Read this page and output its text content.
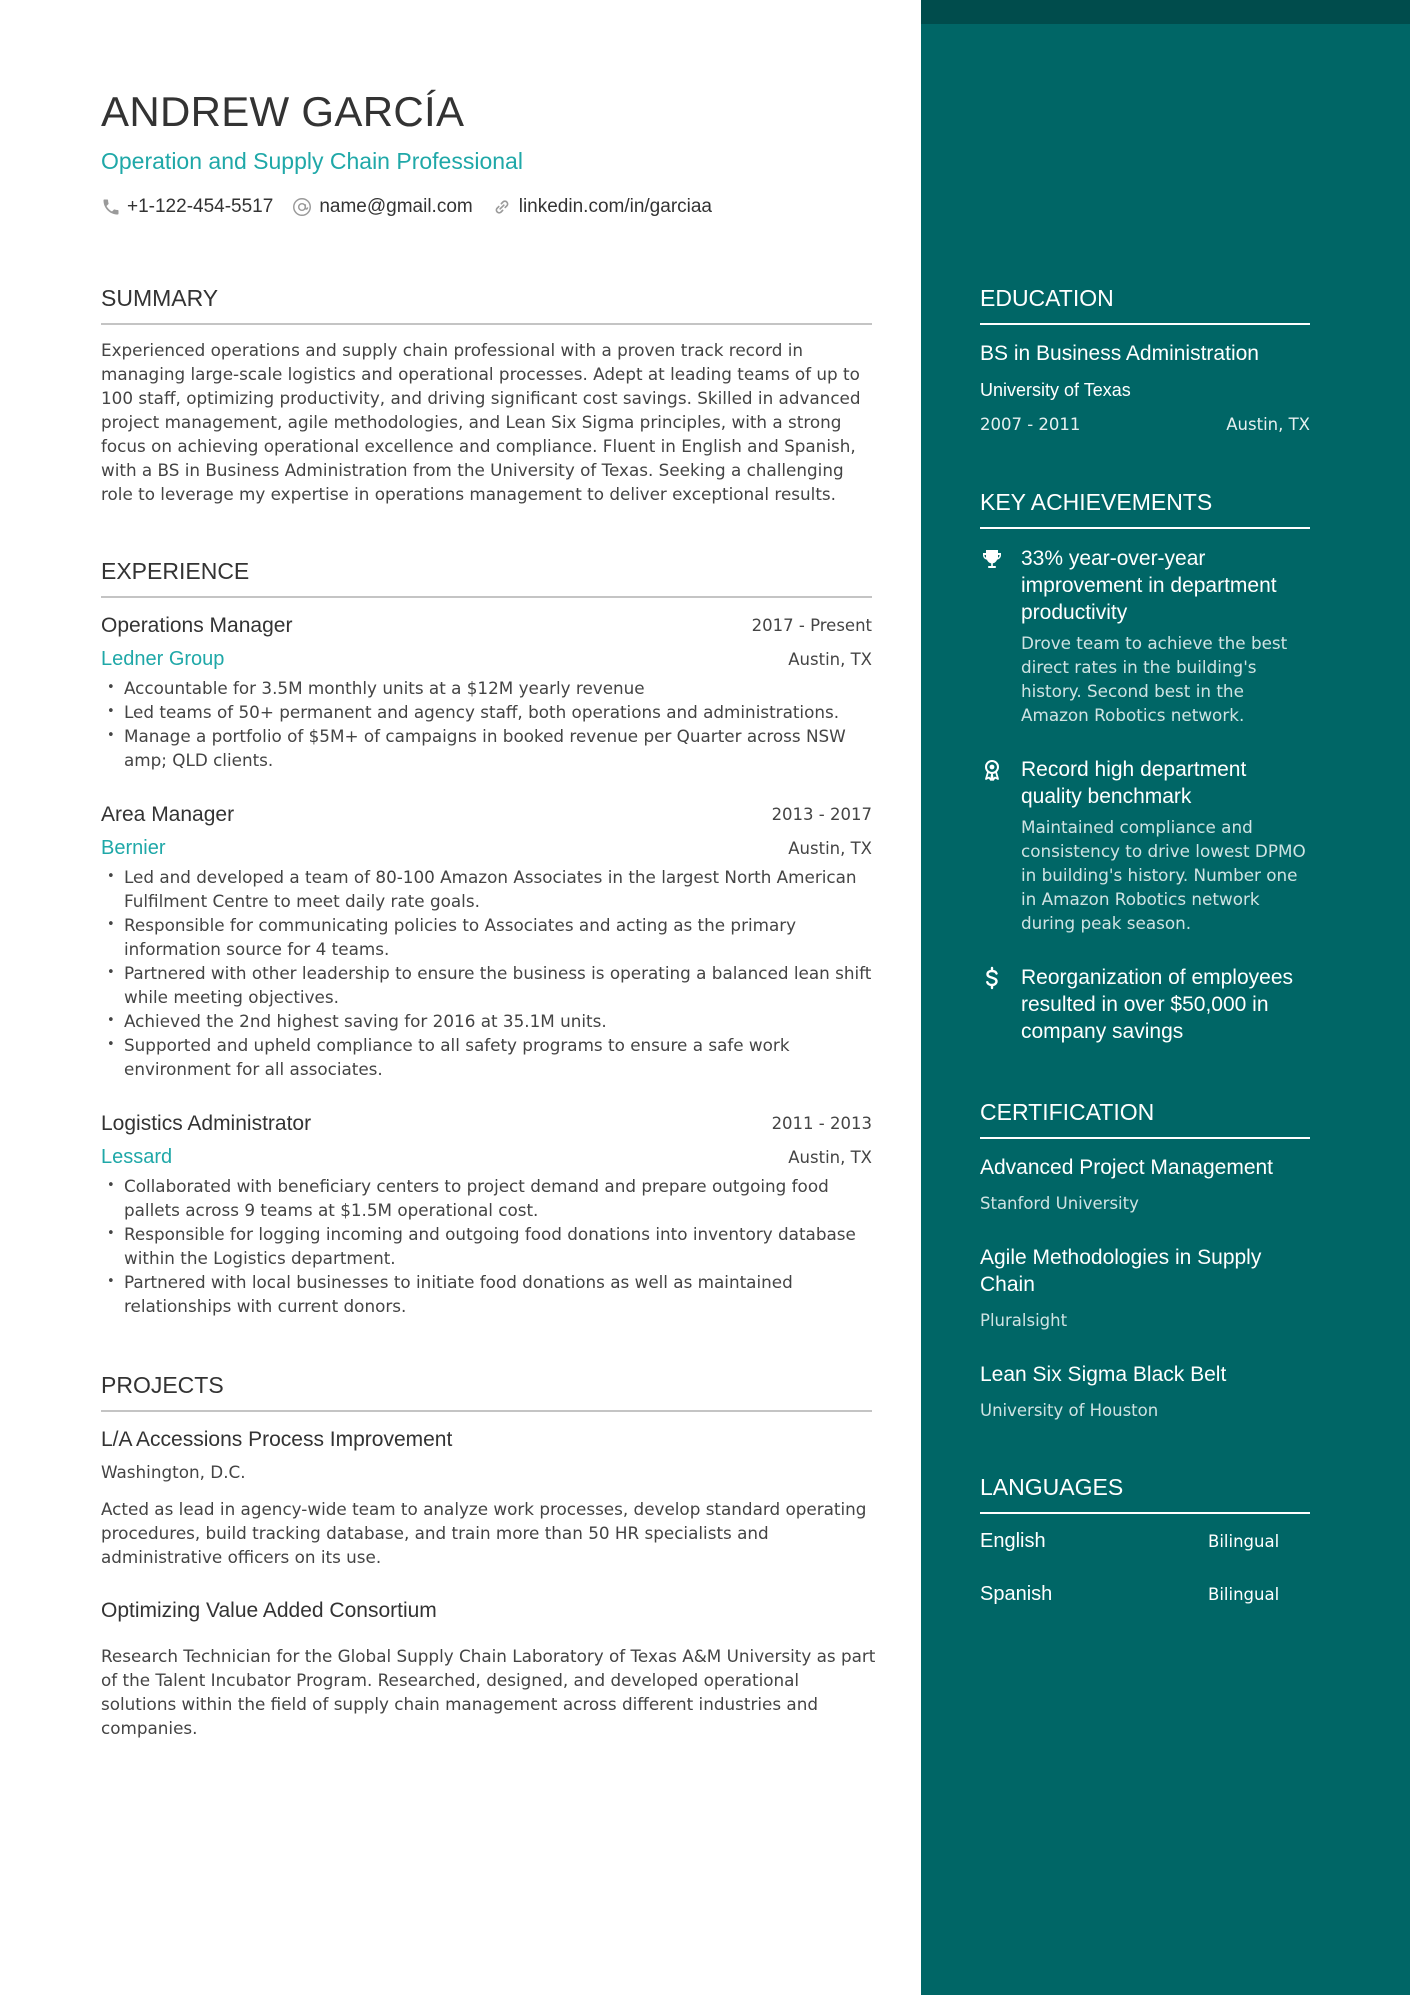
ANDREW GARCÍA
Operation and Supply Chain Professional
+1-122-454-5517 name@gmail.com linkedin.com/in/garciaa
SUMMARY
Experienced operations and supply chain professional with a proven track record in managing large-scale logistics and operational processes. Adept at leading teams of up to 100 staff, optimizing productivity, and driving significant cost savings. Skilled in advanced project management, agile methodologies, and Lean Six Sigma principles, with a strong focus on achieving operational excellence and compliance. Fluent in English and Spanish, with a BS in Business Administration from the University of Texas. Seeking a challenging role to leverage my expertise in operations management to deliver exceptional results.
EXPERIENCE
Operations Manager	2017 - Present
Ledner Group	Austin, TX
• Accountable for 3.5M monthly units at a $12M yearly revenue
• Led teams of 50+ permanent and agency staff, both operations and administrations.
• Manage a portfolio of $5M+ of campaigns in booked revenue per Quarter across NSW amp; QLD clients.
Area Manager	2013 - 2017
Bernier	Austin, TX
• Led and developed a team of 80-100 Amazon Associates in the largest North American Fulfilment Centre to meet daily rate goals.
• Responsible for communicating policies to Associates and acting as the primary information source for 4 teams.
• Partnered with other leadership to ensure the business is operating a balanced lean shift while meeting objectives.
• Achieved the 2nd highest saving for 2016 at 35.1M units.
• Supported and upheld compliance to all safety programs to ensure a safe work environment for all associates.
Logistics Administrator	2011 - 2013
Lessard	Austin, TX
• Collaborated with beneficiary centers to project demand and prepare outgoing food pallets across 9 teams at $1.5M operational cost.
• Responsible for logging incoming and outgoing food donations into inventory database within the Logistics department.
• Partnered with local businesses to initiate food donations as well as maintained relationships with current donors.
PROJECTS
L/A Accessions Process Improvement
Washington, D.C.
Acted as lead in agency-wide team to analyze work processes, develop standard operating procedures, build tracking database, and train more than 50 HR specialists and administrative officers on its use.
Optimizing Value Added Consortium
Research Technician for the Global Supply Chain Laboratory of Texas A&M University as part of the Talent Incubator Program. Researched, designed, and developed operational solutions within the field of supply chain management across different industries and companies.
EDUCATION
BS in Business Administration
University of Texas
2007 - 2011	Austin, TX
KEY ACHIEVEMENTS
33% year-over-year improvement in department productivity
Drove team to achieve the best direct rates in the building's history. Second best in the Amazon Robotics network.
Record high department quality benchmark
Maintained compliance and consistency to drive lowest DPMO in building's history. Number one in Amazon Robotics network during peak season.
Reorganization of employees resulted in over $50,000 in company savings
CERTIFICATION
Advanced Project Management
Stanford University
Agile Methodologies in Supply Chain
Pluralsight
Lean Six Sigma Black Belt
University of Houston
LANGUAGES
English	Bilingual
Spanish	Bilingual
